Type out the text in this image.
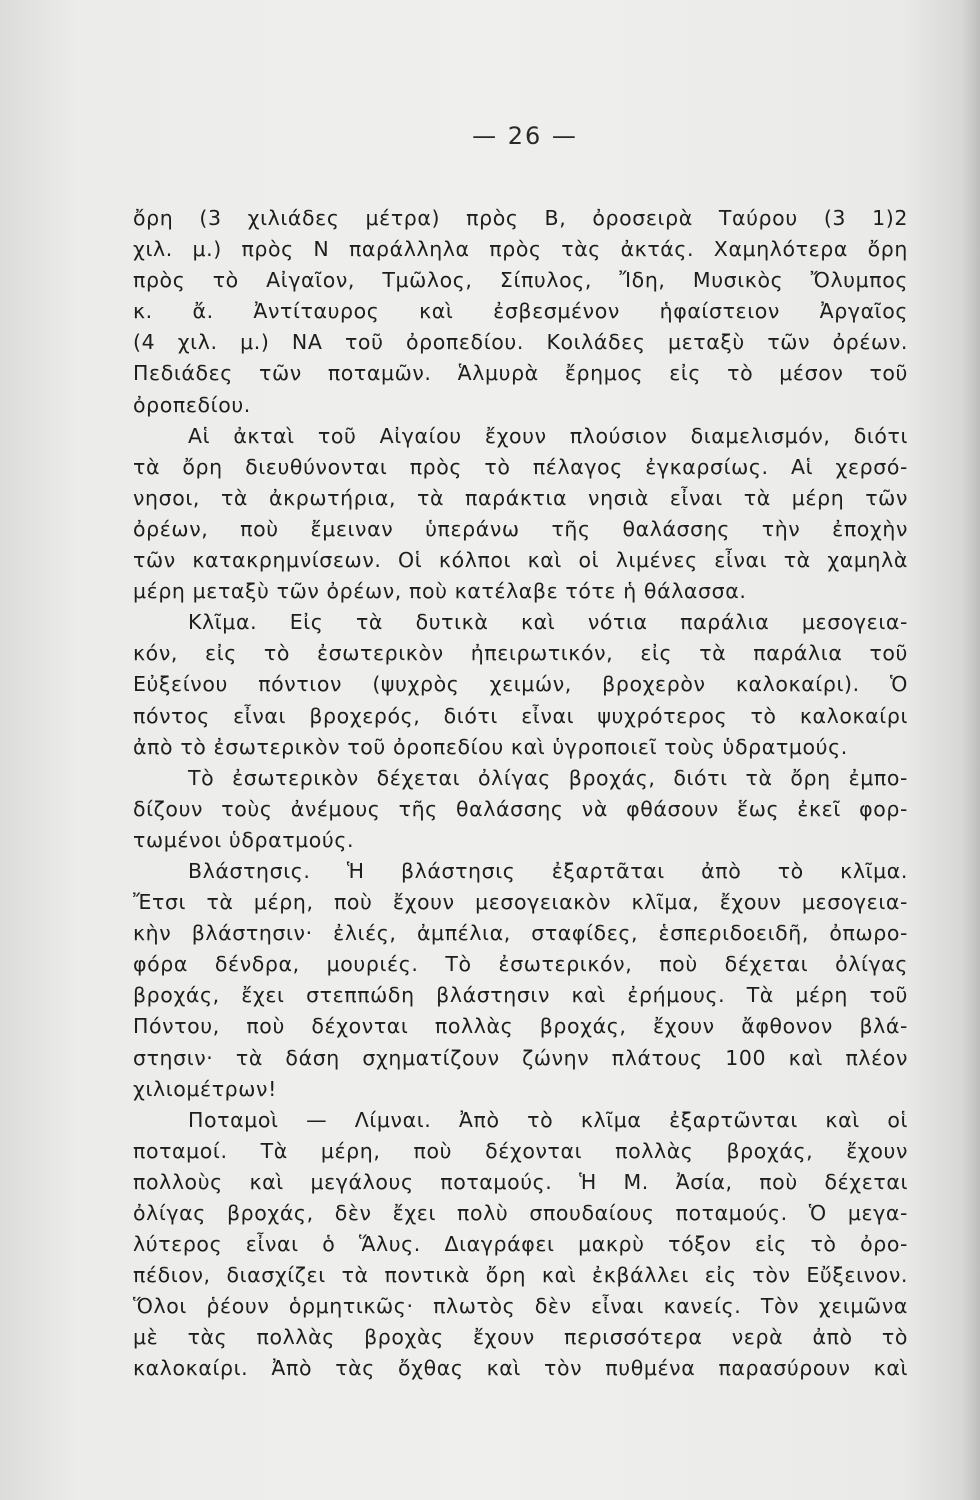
— 26 —

ὄρη (3 χιλιάδες μέτρα) πρὸς Β, ὀροσειρὰ Ταύρου (3 1)2

χιλ. μ.) πρὸς Ν παράλληλα πρὸς τὰς ἀκτάς. Χαμηλότερα ὄρη

πρὸς τὸ Αἰγαῖον, Τμῶλος, Σίπυλος, Ἴδη, Μυσικὸς Ὄλυμπος

κ. ἄ. Ἀντίταυρος καὶ ἐσβεσμένον ἡφαίστειον Ἀργαῖος

(4 χιλ. μ.) ΝΑ τοῦ ὀροπεδίου. Κοιλάδες μεταξὺ τῶν ὀρέων.

Πεδιάδες τῶν ποταμῶν. Ἁλμυρὰ ἔρημος εἰς τὸ μέσον τοῦ

ὀροπεδίου.

Αἱ ἀκταὶ τοῦ Αἰγαίου ἔχουν πλούσιον διαμελισμόν, διότι

τὰ ὄρη διευθύνονται πρὸς τὸ πέλαγος ἐγκαρσίως. Αἱ χερσό-

νησοι, τὰ ἀκρωτήρια, τὰ παράκτια νησιὰ εἶναι τὰ μέρη τῶν

ὀρέων, ποὺ ἔμειναν ὑπεράνω τῆς θαλάσσης τὴν ἐποχὴν

τῶν κατακρημνίσεων. Οἱ κόλποι καὶ οἱ λιμένες εἶναι τὰ χαμηλὰ

μέρη μεταξὺ τῶν ὀρέων, ποὺ κατέλαβε τότε ἡ θάλασσα.

Κλῖμα. Εἰς τὰ δυτικὰ καὶ νότια παράλια μεσογεια-

κόν, εἰς τὸ ἐσωτερικὸν ἠπειρωτικόν, εἰς τὰ παράλια τοῦ

Εὐξείνου πόντιον (ψυχρὸς χειμών, βροχερὸν καλοκαίρι). Ὁ

πόντος εἶναι βροχερός, διότι εἶναι ψυχρότερος τὸ καλοκαίρι

ἀπὸ τὸ ἐσωτερικὸν τοῦ ὀροπεδίου καὶ ὑγροποιεῖ τοὺς ὑδρατμούς.

Τὸ ἐσωτερικὸν δέχεται ὀλίγας βροχάς, διότι τὰ ὄρη ἐμπο-

δίζουν τοὺς ἀνέμους τῆς θαλάσσης νὰ φθάσουν ἕως ἐκεῖ φορ-

τωμένοι ὑδρατμούς.

Βλάστησις. Ἡ βλάστησις ἐξαρτᾶται ἀπὸ τὸ κλῖμα.

Ἔτσι τὰ μέρη, ποὺ ἔχουν μεσογειακὸν κλῖμα, ἔχουν μεσογεια-

κὴν βλάστησιν· ἐλιές, ἀμπέλια, σταφίδες, ἑσπεριδοειδῆ, ὀπωρο-

φόρα δένδρα, μουριές. Τὸ ἐσωτερικόν, ποὺ δέχεται ὀλίγας

βροχάς, ἔχει στεππώδη βλάστησιν καὶ ἐρήμους. Τὰ μέρη τοῦ

Πόντου, ποὺ δέχονται πολλὰς βροχάς, ἔχουν ἄφθονον βλά-

στησιν· τὰ δάση σχηματίζουν ζώνην πλάτους 100 καὶ πλέον

χιλιομέτρων!

Ποταμοὶ — Λίμναι. Ἀπὸ τὸ κλῖμα ἐξαρτῶνται καὶ οἱ

ποταμοί. Τὰ μέρη, ποὺ δέχονται πολλὰς βροχάς, ἔχουν

πολλοὺς καὶ μεγάλους ποταμούς. Ἡ Μ. Ἀσία, ποὺ δέχεται

ὀλίγας βροχάς, δὲν ἔχει πολὺ σπουδαίους ποταμούς. Ὁ μεγα-

λύτερος εἶναι ὁ Ἅλυς. Διαγράφει μακρὺ τόξον εἰς τὸ ὀρο-

πέδιον, διασχίζει τὰ ποντικὰ ὄρη καὶ ἐκβάλλει εἰς τὸν Εὔξεινον.

Ὅλοι ῥέουν ὁρμητικῶς· πλωτὸς δὲν εἶναι κανείς. Τὸν χειμῶνα

μὲ τὰς πολλὰς βροχὰς ἔχουν περισσότερα νερὰ ἀπὸ τὸ

καλοκαίρι. Ἀπὸ τὰς ὄχθας καὶ τὸν πυθμένα παρασύρουν καὶ
